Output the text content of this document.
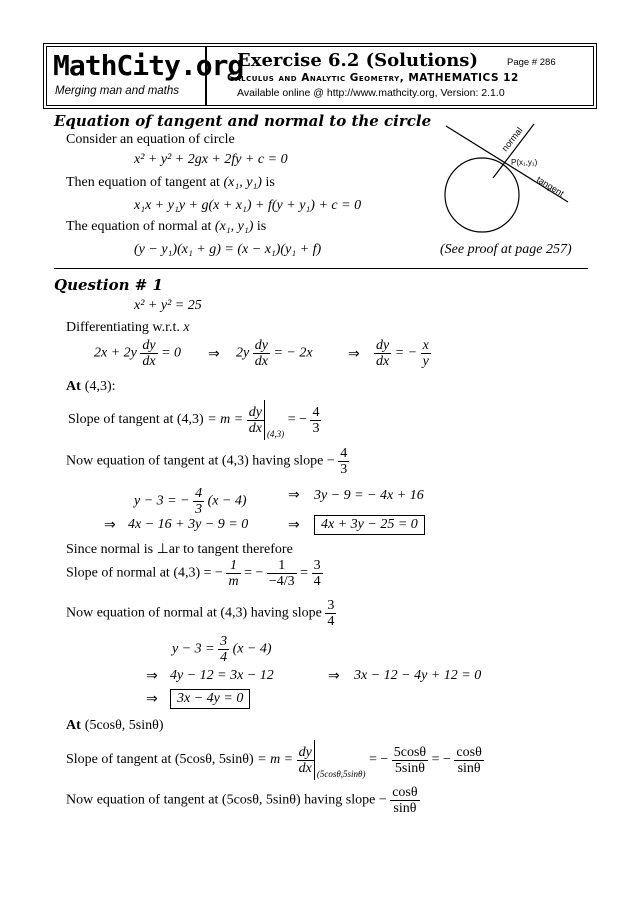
MathCity.org
Merging man and maths
Exercise 6.2 (Solutions)	Page # 286
Calculus and Analytic Geometry, MATHEMATICS 12
Available online @ http://www.mathcity.org, Version: 2.1.0
Equation of tangent and normal to the circle
Consider an equation of circle
x² + y² + 2gx + 2fy + c = 0
Then equation of tangent at (x₁, y₁) is
x₁x + y₁y + g(x + x₁) + f(y + y₁) + c = 0
The equation of normal at (x₁, y₁) is
(y − y₁)(x₁ + g) = (x − x₁)(y₁ + f)	(See proof at page 257)
normal
P(x₁,y₁)
tangent
Question # 1
x² + y² = 25
Differentiating w.r.t. x
$2x + 2y \frac{dy}{dx} = 0$ ⇒ $2y \frac{dy}{dx}$ = − 2x	⇒ $\frac{dy}{dx}$ = − $\frac{x}{y}$
At (4,3):
Slope of tangent at $(4,3) = m = \frac{dy}{dx} _{(4,3)}$ = − $\frac{4}{3}$
Now equation of tangent at (4,3) having slope − $\frac{4}{3}$
y − 3 = − $\frac{4}{3} (x - 4)$	⇒ 3y − 9 = − 4x + 16
⇒ 4x − 16 + 3y − 9 = 0	⇒	4x + 3y − 25 = 0
Since normal is ⊥ar to tangent therefore
Slope of normal at (4,3) = − $\frac{1}{m}$ = − $\frac{1}{-4/3} = \frac{3}{4}$
Now equation of normal at (4,3) having slope $\frac{3}{4}$
$y - 3 = \frac{3}{4} (x - 4)$
⇒ 4y − 12 = 3x − 12	⇒ 3x − 12 − 4y + 12 = 0
⇒	3x − 4y = 0
At (5cosθ, 5sinθ)
Slope of tangent at (5cosθ, $5\sin\theta) = m = \frac{dy}{dx} _{(5cos\theta,5sin\theta)}$ = − $\frac{5\cos\theta}{5\sin\theta}$ = − $\frac{\cos\theta}{\sin\theta}$
Now equation of tangent at (5cosθ, 5sinθ) having slope − $\frac{\cos\theta}{\sin\theta}$
